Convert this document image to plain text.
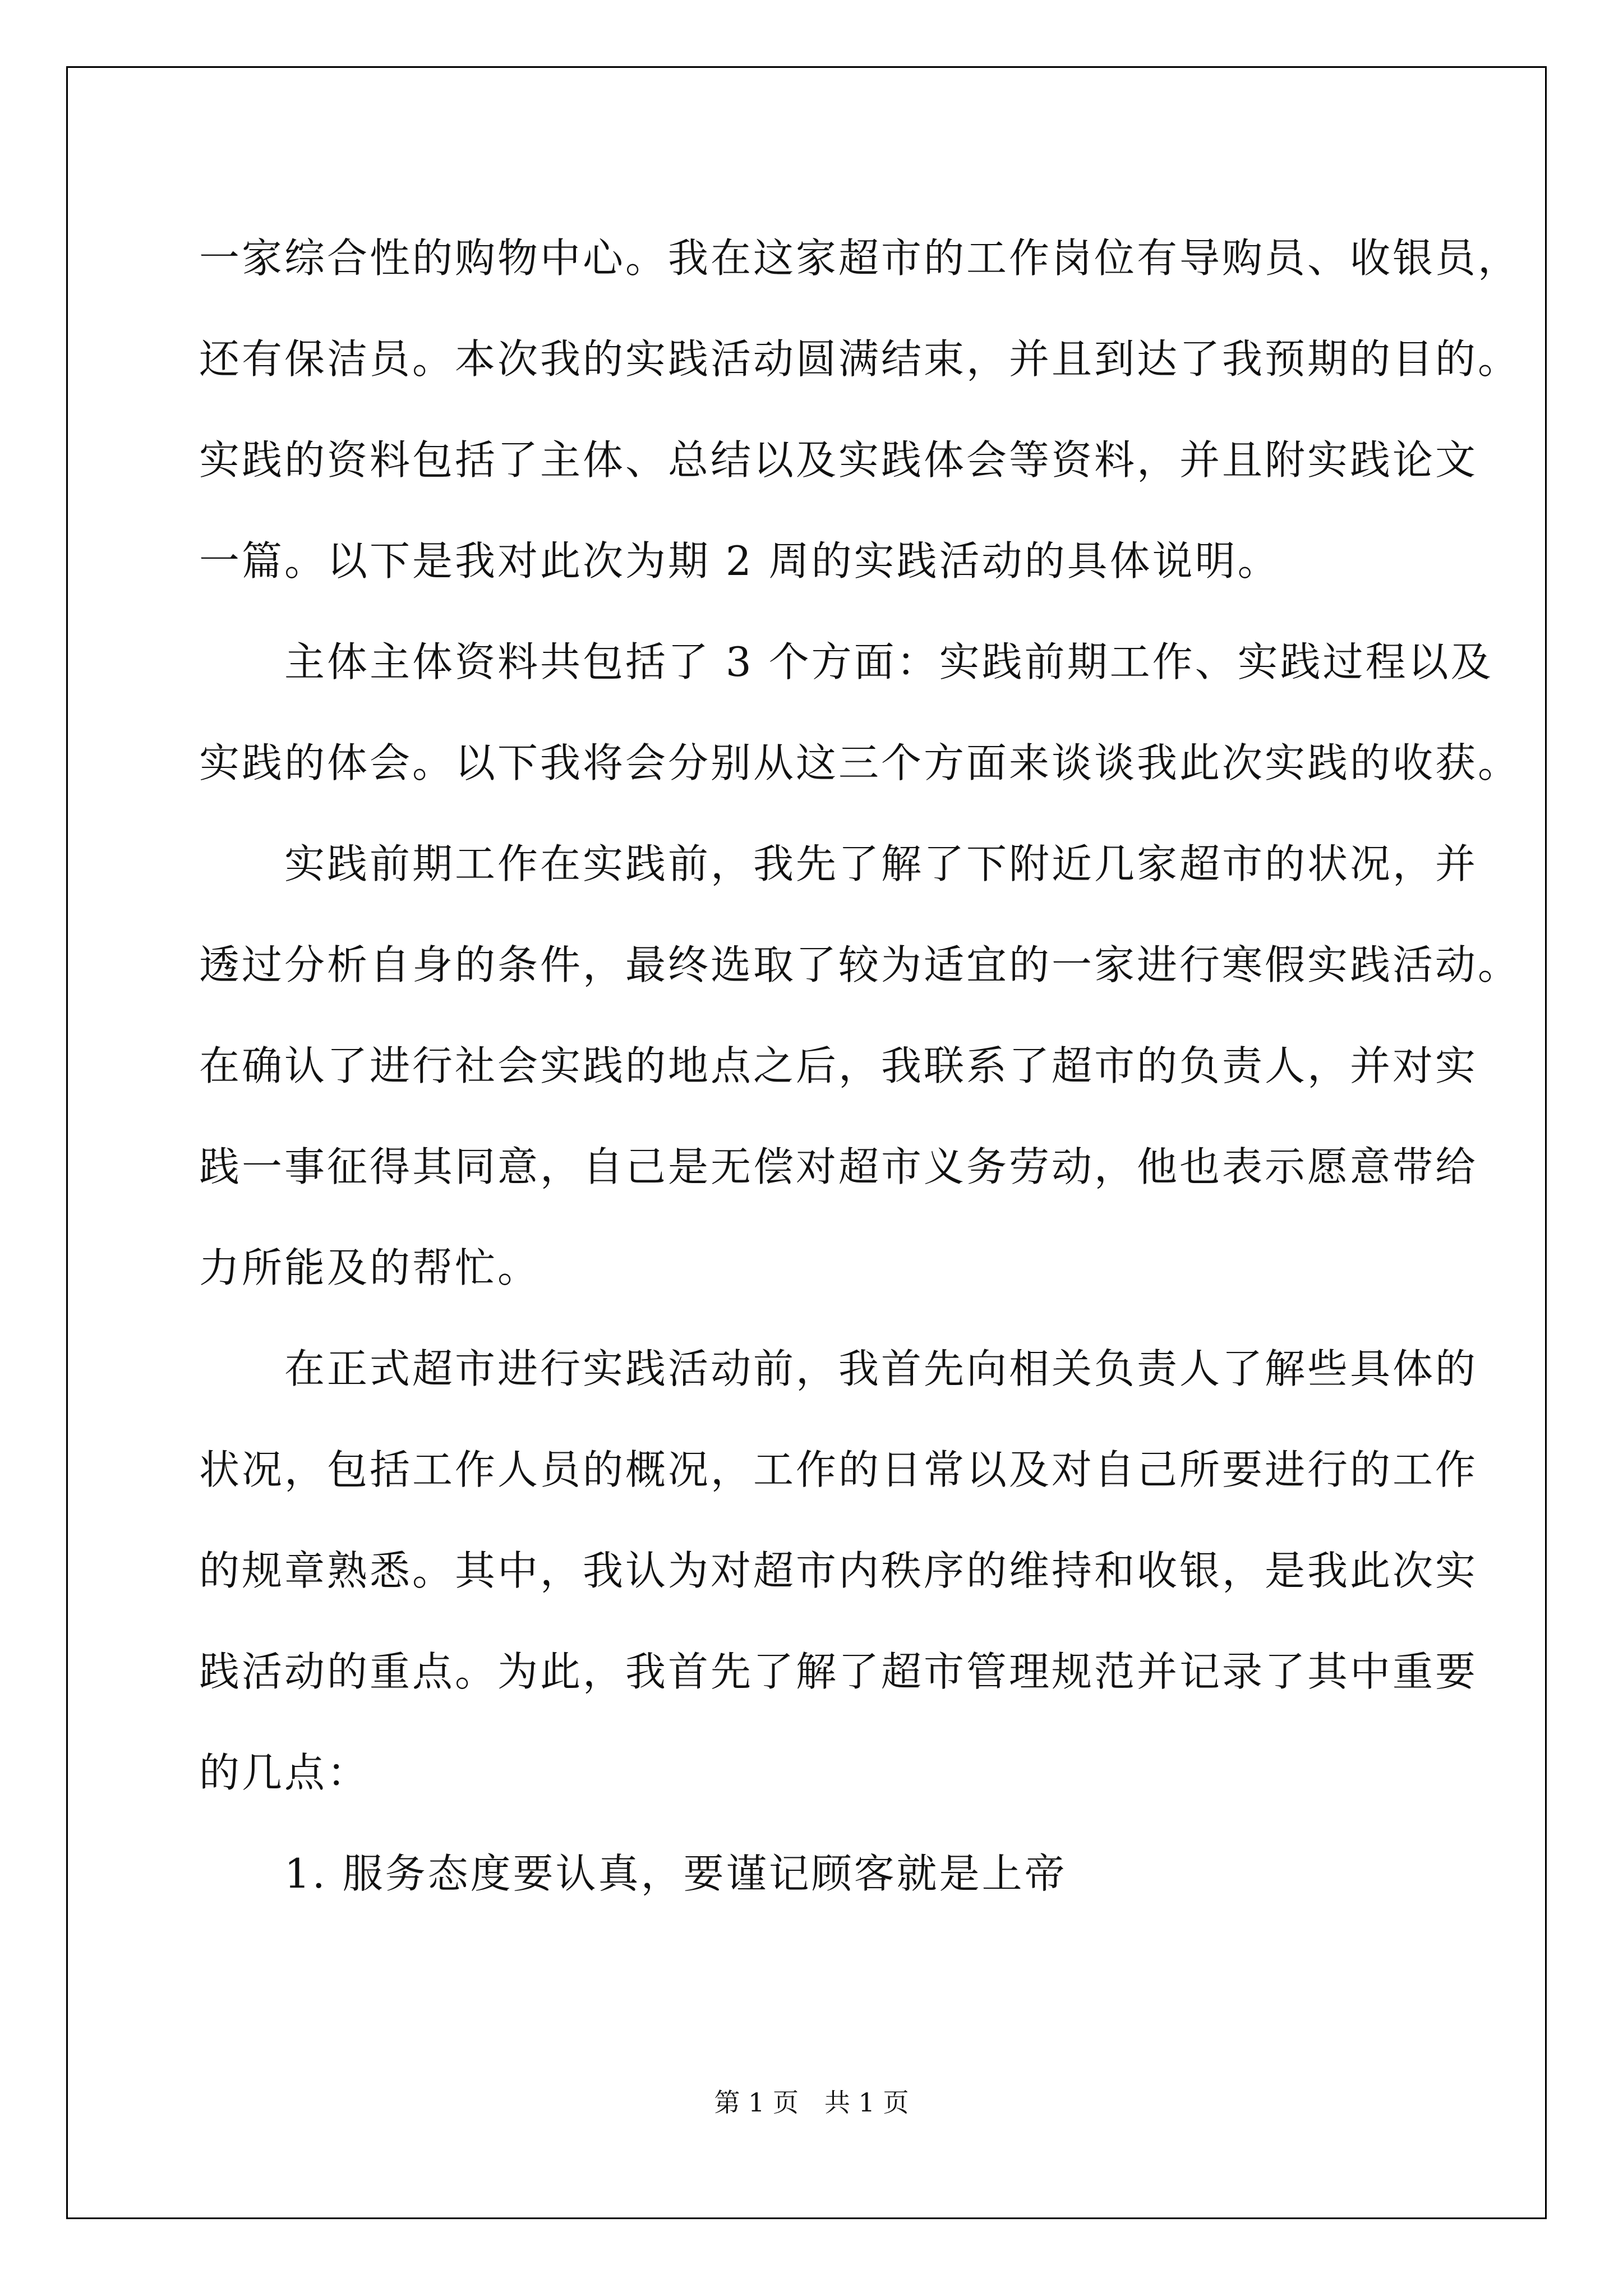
一家综合性的购物中心。我在这家超市的工作岗位有导购员、收银员，
还有保洁员。本次我的实践活动圆满结束，并且到达了我预期的目的。
实践的资料包括了主体、总结以及实践体会等资料，并且附实践论文
一篇。以下是我对此次为期 2 周的实践活动的具体说明。
　　主体主体资料共包括了 3 个方面：实践前期工作、实践过程以及
实践的体会。以下我将会分别从这三个方面来谈谈我此次实践的收获。
　　实践前期工作在实践前，我先了解了下附近几家超市的状况，并
透过分析自身的条件，最终选取了较为适宜的一家进行寒假实践活动。
在确认了进行社会实践的地点之后，我联系了超市的负责人，并对实
践一事征得其同意，自己是无偿对超市义务劳动，他也表示愿意带给
力所能及的帮忙。
　　在正式超市进行实践活动前，我首先向相关负责人了解些具体的
状况，包括工作人员的概况，工作的日常以及对自己所要进行的工作
的规章熟悉。其中，我认为对超市内秩序的维持和收银，是我此次实
践活动的重点。为此，我首先了解了超市管理规范并记录了其中重要
的几点：
　　1. 服务态度要认真，要谨记顾客就是上帝
第 1 页　共 1 页
